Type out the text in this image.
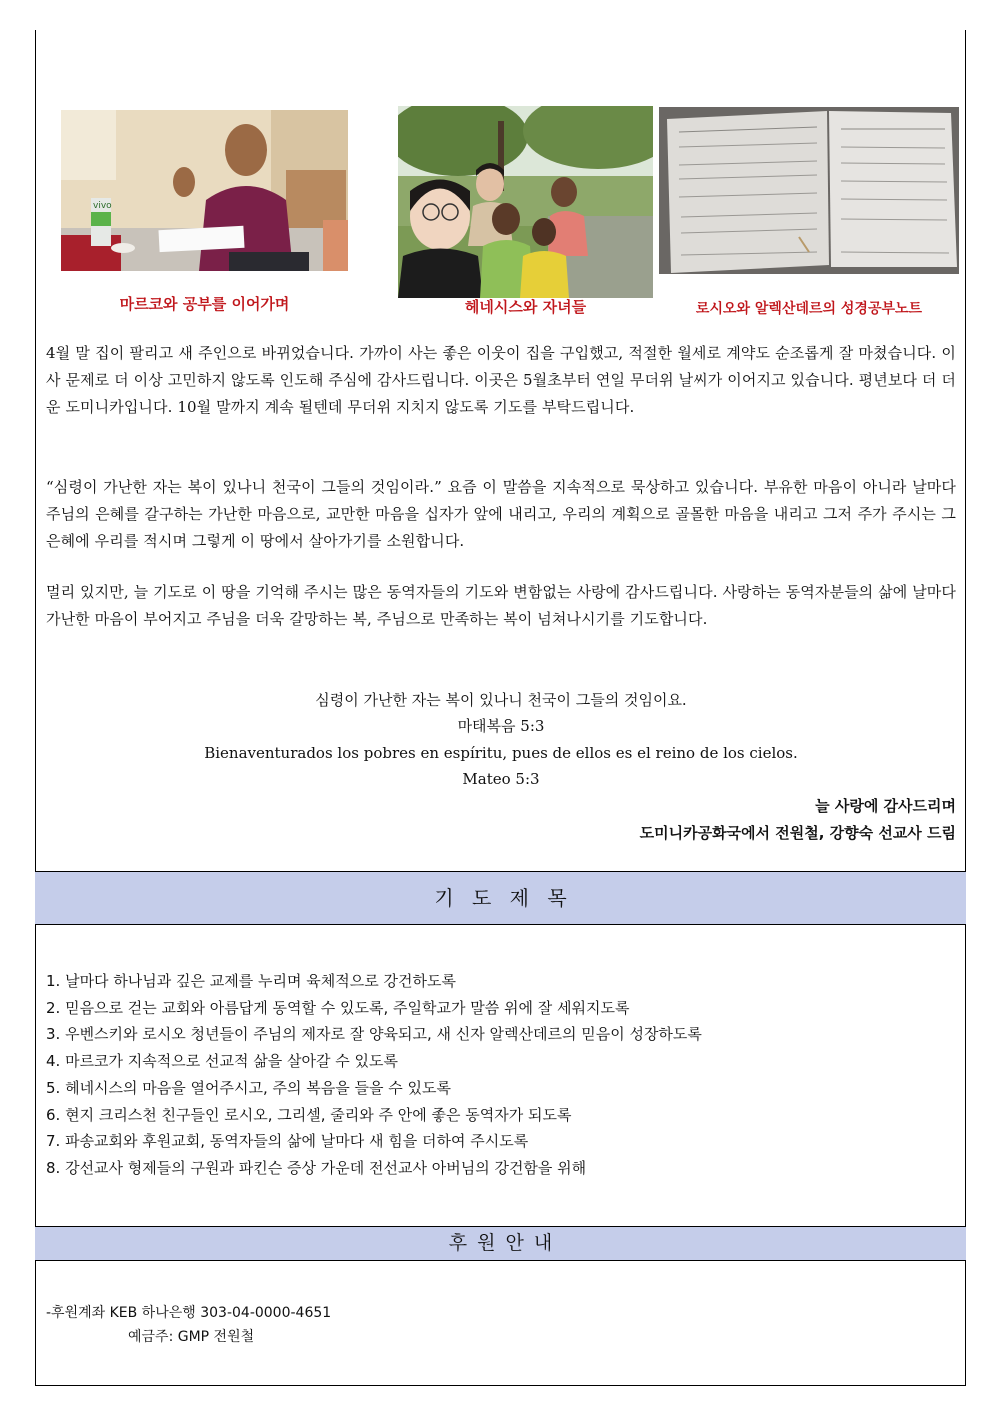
vivo
마르코와 공부를 이어가며	헤네시스와 자녀들	로시오와 알렉산데르의 성경공부노트
4월 말 집이 팔리고 새 주인으로 바뀌었습니다. 가까이 사는 좋은 이웃이 집을 구입했고, 적절한 월세로 계약도 순조롭게 잘 마쳤습니다. 이사 문제로 더 이상 고민하지 않도록 인도해 주심에 감사드립니다. 이곳은 5월초부터 연일 무더위 날씨가 이어지고 있습니다. 평년보다 더 더운 도미니카입니다. 10월 말까지 계속 될텐데 무더위 지치지 않도록 기도를 부탁드립니다.
“심령이 가난한 자는 복이 있나니 천국이 그들의 것임이라.” 요즘 이 말씀을 지속적으로 묵상하고 있습니다. 부유한 마음이 아니라 날마다 주님의 은혜를 갈구하는 가난한 마음으로, 교만한 마음을 십자가 앞에 내리고, 우리의 계획으로 골몰한 마음을 내리고 그저 주가 주시는 그 은혜에 우리를 적시며 그렇게 이 땅에서 살아가기를 소원합니다.
멀리 있지만, 늘 기도로 이 땅을 기억해 주시는 많은 동역자들의 기도와 변함없는 사랑에 감사드립니다. 사랑하는 동역자분들의 삶에 날마다 가난한 마음이 부어지고 주님을 더욱 갈망하는 복, 주님으로 만족하는 복이 넘쳐나시기를 기도합니다.
심령이 가난한 자는 복이 있나니 천국이 그들의 것임이요.
마태복음 5:3
Bienaventurados los pobres en espíritu, pues de ellos es el reino de los cielos.
Mateo 5:3
늘 사랑에 감사드리며
도미니카공화국에서 전원철, 강향숙 선교사 드림
기 도 제 목
1. 날마다 하나님과 깊은 교제를 누리며 육체적으로 강건하도록
2. 믿음으로 걷는 교회와 아름답게 동역할 수 있도록, 주일학교가 말씀 위에 잘 세워지도록
3. 우벤스키와 로시오 청년들이 주님의 제자로 잘 양육되고, 새 신자 알렉산데르의 믿음이 성장하도록
4. 마르코가 지속적으로 선교적 삶을 살아갈 수 있도록
5. 헤네시스의 마음을 열어주시고, 주의 복음을 들을 수 있도록
6. 현지 크리스천 친구들인 로시오, 그리셀, 줄리와 주 안에 좋은 동역자가 되도록
7. 파송교회와 후원교회, 동역자들의 삶에 날마다 새 힘을 더하여 주시도록
8. 강선교사 형제들의 구원과 파킨슨 증상 가운데 전선교사 아버님의 강건함을 위해
후 원 안 내
-후원계좌 KEB 하나은행 303-04-0000-4651
예금주: GMP 전원철
